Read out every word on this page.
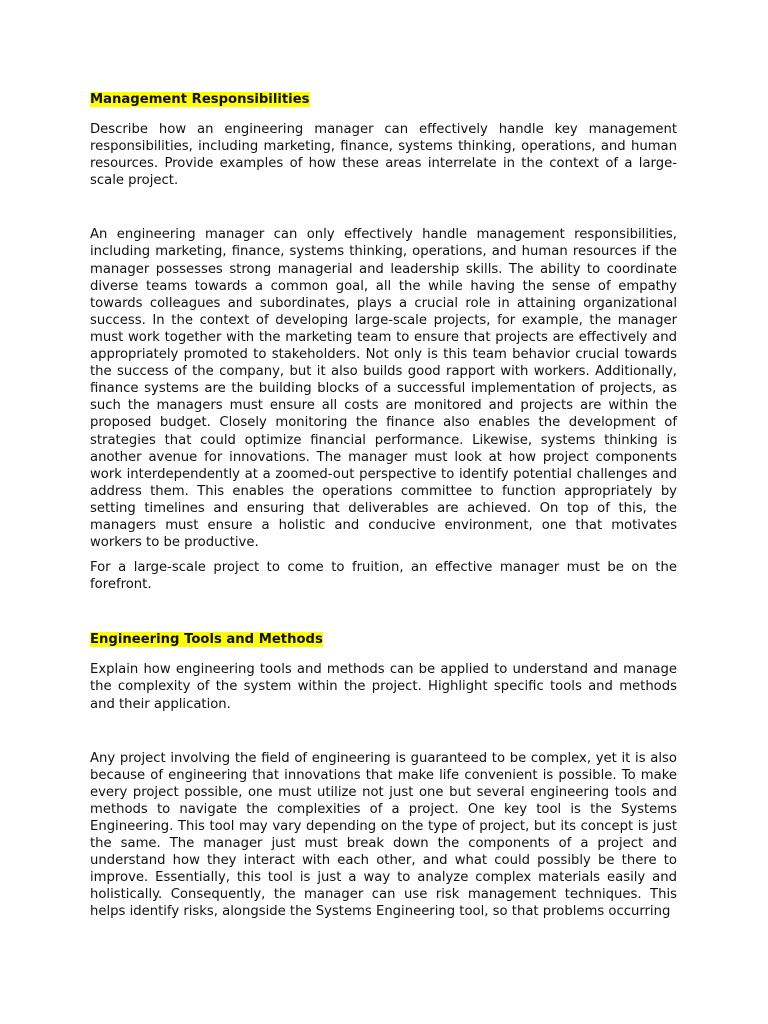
Management Responsibilities

Describe how an engineering manager can effectively handle key management responsibilities, including marketing, finance, systems thinking, operations, and human resources. Provide examples of how these areas interrelate in the context of a large-scale project.

An engineering manager can only effectively handle management responsibilities, including marketing, finance, systems thinking, operations, and human resources if the manager possesses strong managerial and leadership skills. The ability to coordinate diverse teams towards a common goal, all the while having the sense of empathy towards colleagues and subordinates, plays a crucial role in attaining organizational success. In the context of developing large-scale projects, for example, the manager must work together with the marketing team to ensure that projects are effectively and appropriately promoted to stakeholders. Not only is this team behavior crucial towards the success of the company, but it also builds good rapport with workers. Additionally, finance systems are the building blocks of a successful implementation of projects, as such the managers must ensure all costs are monitored and projects are within the proposed budget. Closely monitoring the finance also enables the development of strategies that could optimize financial performance. Likewise, systems thinking is another avenue for innovations. The manager must look at how project components work interdependently at a zoomed-out perspective to identify potential challenges and address them. This enables the operations committee to function appropriately by setting timelines and ensuring that deliverables are achieved. On top of this, the managers must ensure a holistic and conducive environment, one that motivates workers to be productive.

For a large-scale project to come to fruition, an effective manager must be on the forefront.

Engineering Tools and Methods

Explain how engineering tools and methods can be applied to understand and manage the complexity of the system within the project. Highlight specific tools and methods and their application.

Any project involving the field of engineering is guaranteed to be complex, yet it is also because of engineering that innovations that make life convenient is possible. To make every project possible, one must utilize not just one but several engineering tools and methods to navigate the complexities of a project. One key tool is the Systems Engineering. This tool may vary depending on the type of project, but its concept is just the same. The manager just must break down the components of a project and understand how they interact with each other, and what could possibly be there to improve. Essentially, this tool is just a way to analyze complex materials easily and holistically. Consequently, the manager can use risk management techniques. This helps identify risks, alongside the Systems Engineering tool, so that problems occurring
